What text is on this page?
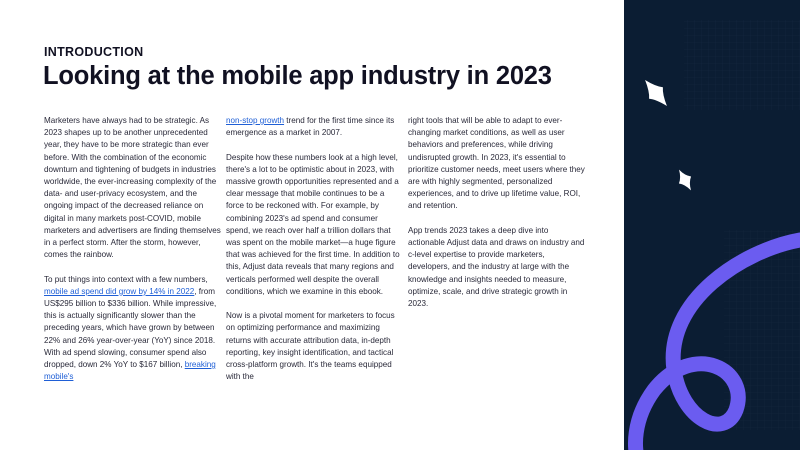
INTRODUCTION
Looking at the mobile app industry in 2023

Marketers have always had to be strategic. As 2023 shapes up to be another unprecedented year, they have to be more strategic than ever before. With the combination of the economic downturn and tightening of budgets in industries worldwide, the ever-increasing complexity of the data- and user-privacy ecosystem, and the ongoing impact of the decreased reliance on digital in many markets post-COVID, mobile marketers and advertisers are finding themselves in a perfect storm. After the storm, however, comes the rainbow.

To put things into context with a few numbers, mobile ad spend did grow by 14% in 2022, from US$295 billion to $336 billion. While impressive, this is actually significantly slower than the preceding years, which have grown by between 22% and 26% year-over-year (YoY) since 2018. With ad spend slowing, consumer spend also dropped, down 2% YoY to $167 billion, breaking mobile's

non-stop growth trend for the first time since its emergence as a market in 2007.

Despite how these numbers look at a high level, there's a lot to be optimistic about in 2023, with massive growth opportunities represented and a clear message that mobile continues to be a force to be reckoned with. For example, by combining 2023's ad spend and consumer spend, we reach over half a trillion dollars that was spent on the mobile market—a huge figure that was achieved for the first time. In addition to this, Adjust data reveals that many regions and verticals performed well despite the overall conditions, which we examine in this ebook.

Now is a pivotal moment for marketers to focus on optimizing performance and maximizing returns with accurate attribution data, in-depth reporting, key insight identification, and tactical cross-platform growth. It's the teams equipped with the

right tools that will be able to adapt to ever-changing market conditions, as well as user behaviors and preferences, while driving undisrupted growth. In 2023, it's essential to prioritize customer needs, meet users where they are with highly segmented, personalized experiences, and to drive up lifetime value, ROI, and retention.

App trends 2023 takes a deep dive into actionable Adjust data and draws on industry and c-level expertise to provide marketers, developers, and the industry at large with the knowledge and insights needed to measure, optimize, scale, and drive strategic growth in 2023.
